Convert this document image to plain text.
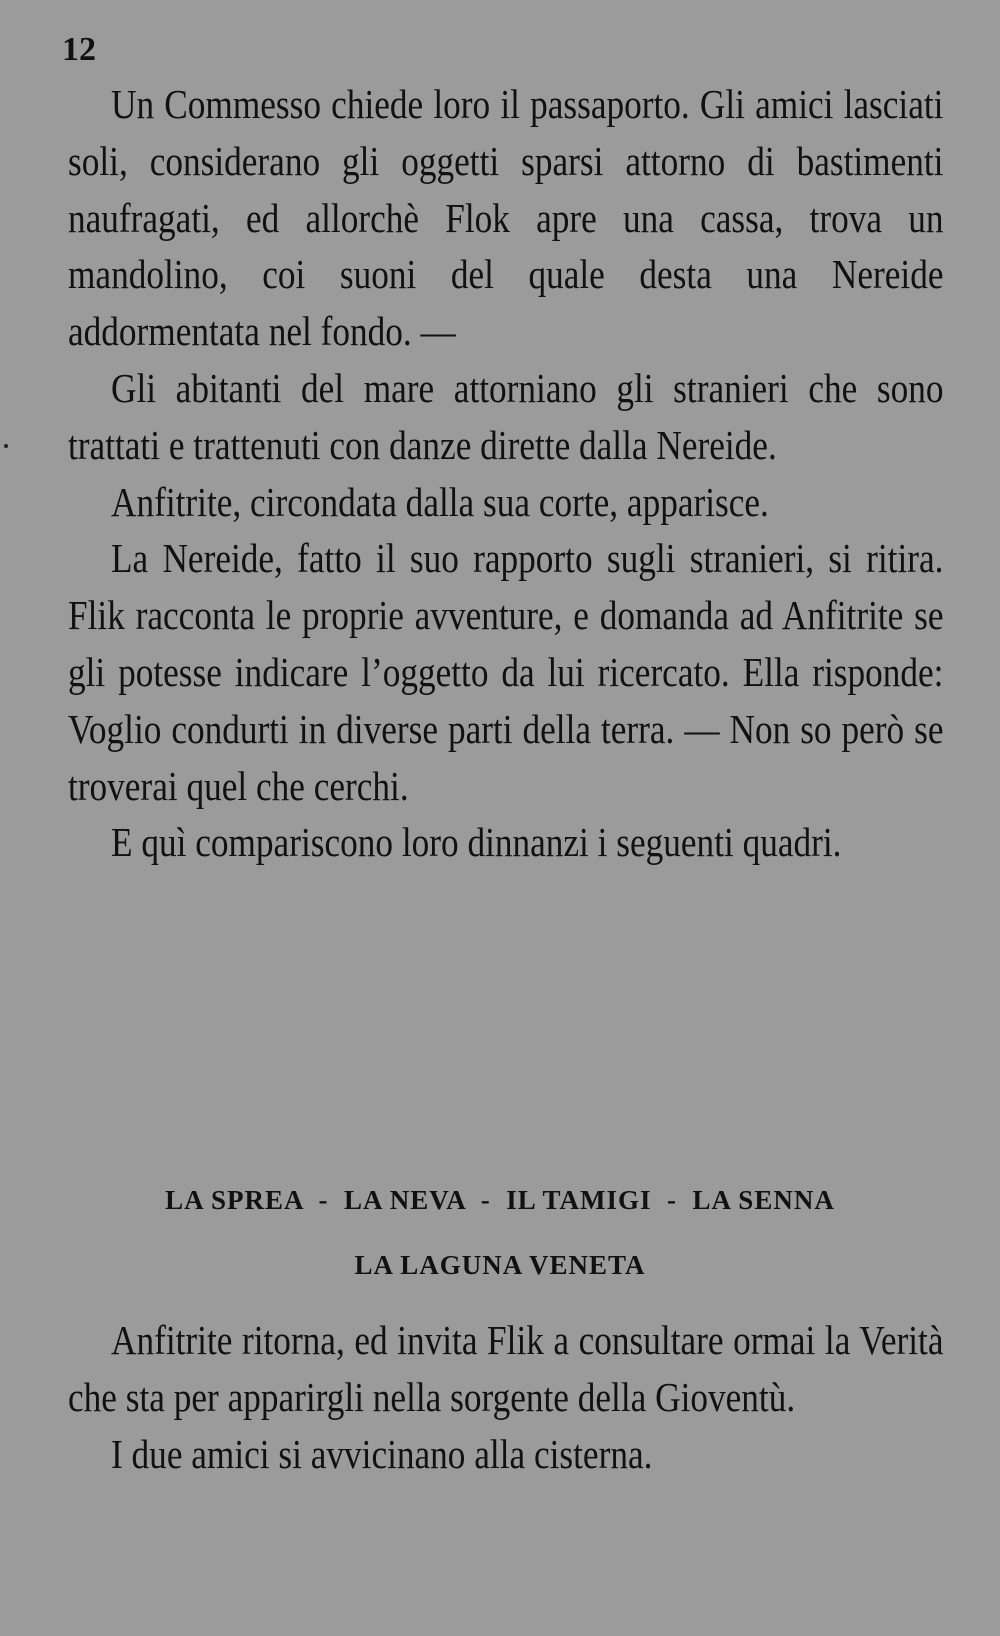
12

Un Commesso chiede loro il passaporto. Gli amici lasciati soli, considerano gli oggetti sparsi attorno di bastimenti naufragati, ed allorchè Flok apre una cassa, trova un mandolino, coi suoni del quale desta una Nereide addormentata nel fondo. —

Gli abitanti del mare attorniano gli stranieri che sono trattati e trattenuti con danze dirette dalla Nereide.

Anfitrite, circondata dalla sua corte, apparisce.

La Nereide, fatto il suo rapporto sugli stranieri, si ritira. Flik racconta le proprie avventure, e domanda ad Anfitrite se gli potesse indicare l’oggetto da lui ricercato. Ella risponde: Voglio condurti in diverse parti della terra. — Non so però se troverai quel che cerchi.

E quì compariscono loro dinnanzi i seguenti quadri.

LA SPREA  -  LA NEVA  -  IL TAMIGI  -  LA SENNA
LA LAGUNA VENETA

Anfitrite ritorna, ed invita Flik a consultare ormai la Verità che sta per apparirgli nella sorgente della Gioventù.

I due amici si avvicinano alla cisterna.
